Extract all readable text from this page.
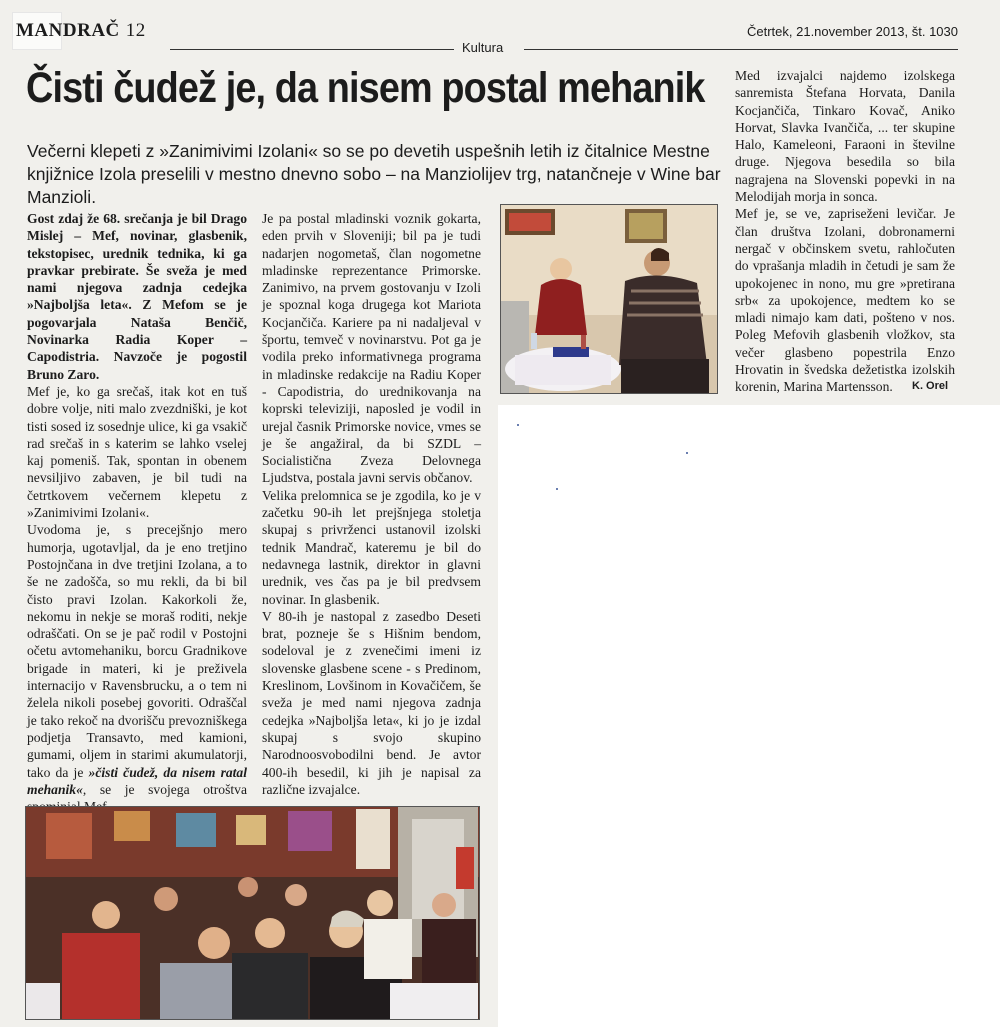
MANDRAČ 12	Četrtek, 21.november 2013, št. 1030
Kultura
Čisti čudež je, da nisem postal mehanik
Večerni klepeti z »Zanimivimi Izolani« so se po devetih uspešnih letih iz čitalnice Mestne knjižnice Izola preselili v mestno dnevno sobo – na Manziolijev trg, natančneje v Wine bar Manzioli.

Gost zdaj že 68. srečanja je bil Drago Mislej – Mef, novinar, glasbenik, tekstopisec, urednik tednika, ki ga pravkar prebirate. Še sveža je med nami njegova zadnja cedejka »Najboljša leta«. Z Mefom se je pogovarjala Nataša Benčič, Novinarka Radia Koper – Capodistria. Navzoče je pogostil Bruno Zaro.

Mef je, ko ga srečaš, itak kot en tuš dobre volje, niti malo zvezdniški, je kot tisti sosed iz sosednje ulice, ki ga vsakič rad srečaš in s katerim se lahko vselej kaj pomeniš. Tak, spontan in obenem nevsiljivo zabaven, je bil tudi na četrtkovem večernem klepetu z »Zanimivimi Izolani«.

Uvodoma je, s precejšnjo mero humorja, ugotavljal, da je eno tretjino Postojnčana in dve tretjini Izolana, a to še ne zadošča, so mu rekli, da bi bil čisto pravi Izolan. Kakorkoli že, nekomu in nekje se moraš roditi, nekje odraščati. On se je pač rodil v Postojni očetu avtomehaniku, borcu Gradnikove brigade in materi, ki je preživela internacijo v Ravensbrucku, a o tem ni želela nikoli posebej govoriti. Odraščal je tako rekoč na dvorišču prevozniškega podjetja Transavto, med kamioni, gumami, oljem in starimi akumulatorji, tako da je »čisti čudež, da nisem ratal mehanik«, se je svojega otroštva

Je pa postal mladinski voznik gokarta, eden prvih v Sloveniji; bil pa je tudi nadarjen nogometaš, član nogometne mladinske reprezentance Primorske. Zanimivo, na prvem gostovanju v Izoli je spoznal koga drugega kot Mariota Kocjančiča. Kariere pa ni nadaljeval v športu, temveč v novinarstvu. Pot ga je vodila preko informativnega programa in mladinske redakcije na Radiu Koper - Capodistria, do urednikovanja na koprski televiziji, naposled je vodil in urejal časnik Primorske novice, vmes se je še angažiral, da bi SZDL – Socialistična Zveza Delovnega Ljudstva, postala javni servis občanov.

Velika prelomnica se je zgodila, ko je v začetku 90-ih let prejšnjega stoletja skupaj s privrženci ustanovil izolski tednik Mandrač, kateremu je bil do nedavnega lastnik, direktor in glavni urednik, ves čas pa je bil predvsem novinar. In glasbenik.

V 80-ih je nastopal z zasedbo Deseti brat, pozneje še s Hišnim bendom, sodeloval je z zvenečimi imeni iz slovenske glasbene scene - s Predinom, Kreslinom, Lovšinom in Kovačičem, še sveža je med nami njegova zadnja cedejka »Najboljša leta«, ki jo je izdal skupaj s svojo skupino Narodnoosvobodilni bend. Je avtor 400-ih besedil, ki jih je napisal za različne izvajalce.

Med izvajalci najdemo izolskega sanremista Štefana Horvata, Danila Kocjančiča, Tinkaro Kovač, Aniko Horvat, Slavka Ivančiča, ... ter skupine Halo, Kameleoni, Faraoni in številne druge. Njegova besedila so bila nagrajena na Slovenski popevki in na Melodijah morja in sonca.

Mef je, se ve, zapriseženi levičar. Je član društva Izolani, dobronamerni nergač v občinskem svetu, rahločuten do vprašanja mladih in četudi je sam že upokojenec in nono, mu gre »pretirana srb« za upokojence, medtem ko se mladi nimajo kam dati, pošteno v nos. Poleg Mefovih glasbenih vložkov, sta večer glasbeno popestrila Enzo Hrovatin in švedska dežetistka izolskih korenin, Marina Martensson.	K. Orel
